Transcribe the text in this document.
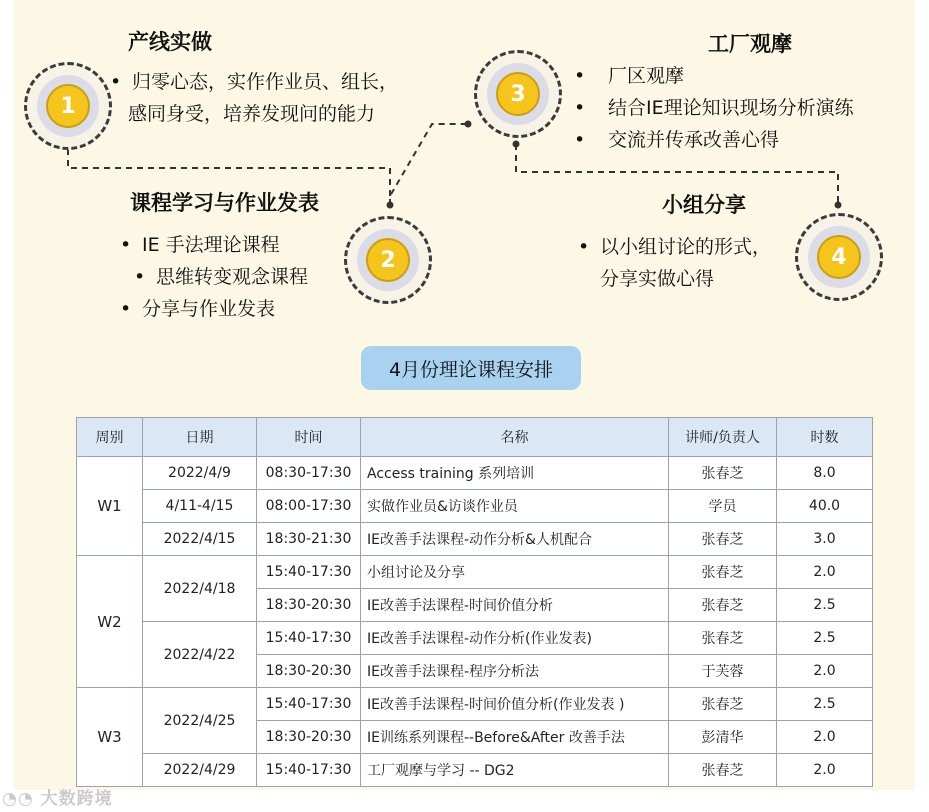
产线实做
1
• 归零心态，实作作业员、组长，
感同身受，培养发现问的能力
课程学习与作业发表
2
• IE 手法理论课程
• 思维转变观念课程
• 分享与作业发表
工厂观摩
3
• 厂区观摩
• 结合IE理论知识现场分析演练
• 交流并传承改善心得
小组分享
4
• 以小组讨论的形式，
分享实做心得
4月份理论课程安排
周别	日期	时间	名称	讲师/负责人	时数
W1	2022/4/9	08:30-17:30	Access training 系列培训	张春芝	8.0
	4/11-4/15	08:00-17:30	实做作业员&访谈作业员	学员	40.0
	2022/4/15	18:30-21:30	IE改善手法课程-动作分析&人机配合	张春芝	3.0
W2	2022/4/18	15:40-17:30	小组讨论及分享	张春芝	2.0
		18:30-20:30	IE改善手法课程-时间价值分析	张春芝	2.5
	2022/4/22	15:40-17:30	IE改善手法课程-动作分析(作业发表)	张春芝	2.5
		18:30-20:30	IE改善手法课程-程序分析法	于芙蓉	2.0
W3	2022/4/25	15:40-17:30	IE改善手法课程-时间价值分析(作业发表 )	张春芝	2.5
		18:30-20:30	IE训练系列课程--Before&After 改善手法	彭清华	2.0
	2022/4/29	15:40-17:30	工厂观摩与学习 -- DG2	张春芝	2.0
◔◔ 大数跨境
